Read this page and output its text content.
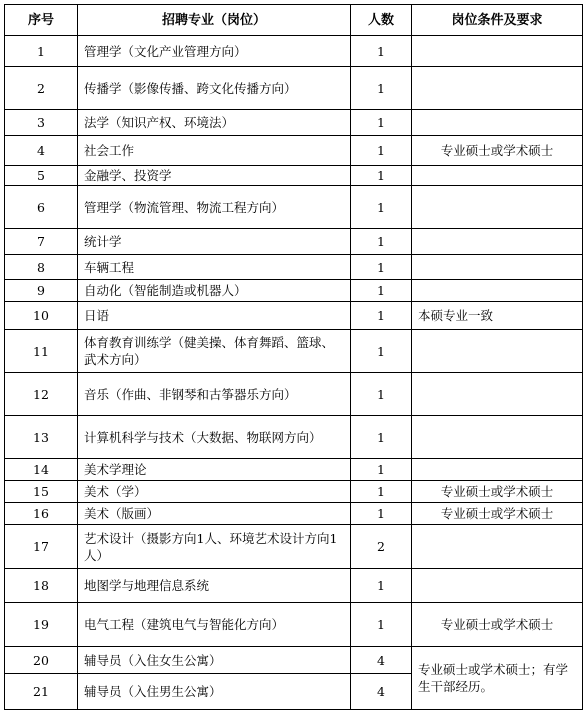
序号	招聘专业（岗位）	人数	岗位条件及要求
1	管理学（文化产业管理方向）	1	
2	传播学（影像传播、跨文化传播方向）	1	
3	法学（知识产权、环境法）	1	
4	社会工作	1	专业硕士或学术硕士
5	金融学、投资学	1	
6	管理学（物流管理、物流工程方向）	1	
7	统计学	1	
8	车辆工程	1	
9	自动化（智能制造或机器人）	1	
10	日语	1	本硕专业一致
11	体育教育训练学（健美操、体育舞蹈、篮球、武术方向）	1	
12	音乐（作曲、非钢琴和古筝器乐方向）	1	
13	计算机科学与技术（大数据、物联网方向）	1	
14	美术学理论	1	
15	美术（学）	1	专业硕士或学术硕士
16	美术（版画）	1	专业硕士或学术硕士
17	艺术设计（摄影方向1人、环境艺术设计方向1人）	2	
18	地图学与地理信息系统	1	
19	电气工程（建筑电气与智能化方向）	1	专业硕士或学术硕士
20	辅导员（入住女生公寓）	4	专业硕士或学术硕士；有学生干部经历。
21	辅导员（入住男生公寓）	4	
